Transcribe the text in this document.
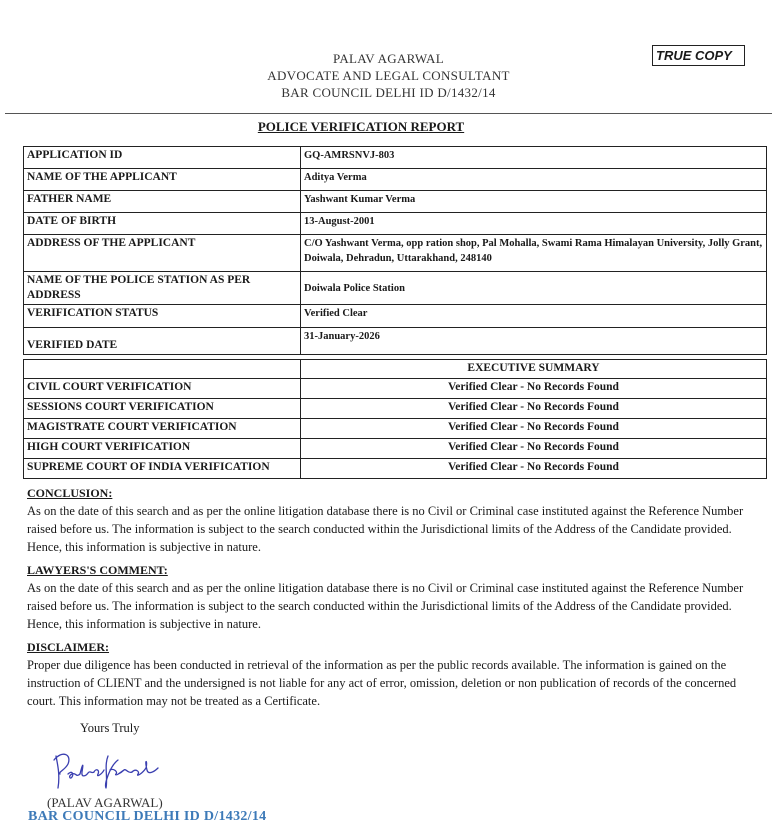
PALAV AGARWAL
ADVOCATE AND LEGAL CONSULTANT
BAR COUNCIL DELHI ID D/1432/14
TRUE COPY
POLICE VERIFICATION REPORT
APPLICATION ID	GQ-AMRSNVJ-803
NAME OF THE APPLICANT	Aditya Verma
FATHER NAME	Yashwant Kumar Verma
DATE OF BIRTH	13-August-2001
ADDRESS OF THE APPLICANT	C/O Yashwant Verma, opp ration shop, Pal Mohalla, Swami Rama Himalayan University, Jolly Grant, Doiwala, Dehradun, Uttarakhand, 248140
NAME OF THE POLICE STATION AS PER ADDRESS	Doiwala Police Station
VERIFICATION STATUS	Verified Clear
VERIFIED DATE	31-January-2026
	EXECUTIVE SUMMARY
CIVIL COURT VERIFICATION	Verified Clear - No Records Found
SESSIONS COURT VERIFICATION	Verified Clear - No Records Found
MAGISTRATE COURT VERIFICATION	Verified Clear - No Records Found
HIGH COURT VERIFICATION	Verified Clear - No Records Found
SUPREME COURT OF INDIA VERIFICATION	Verified Clear - No Records Found
CONCLUSION:
As on the date of this search and as per the online litigation database there is no Civil or Criminal case instituted against the Reference Number raised before us. The information is subject to the search conducted within the Jurisdictional limits of the Address of the Candidate provided. Hence, this information is subjective in nature.
LAWYERS'S COMMENT:
As on the date of this search and as per the online litigation database there is no Civil or Criminal case instituted against the Reference Number raised before us. The information is subject to the search conducted within the Jurisdictional limits of the Address of the Candidate provided. Hence, this information is subjective in nature.
DISCLAIMER:
Proper due diligence has been conducted in retrieval of the information as per the public records available. The information is gained on the instruction of CLIENT and the undersigned is not liable for any act of error, omission, deletion or non publication of records of the concerned court. This information may not be treated as a Certificate.
Yours Truly
(PALAV AGARWAL)
BAR COUNCIL DELHI ID D/1432/14
